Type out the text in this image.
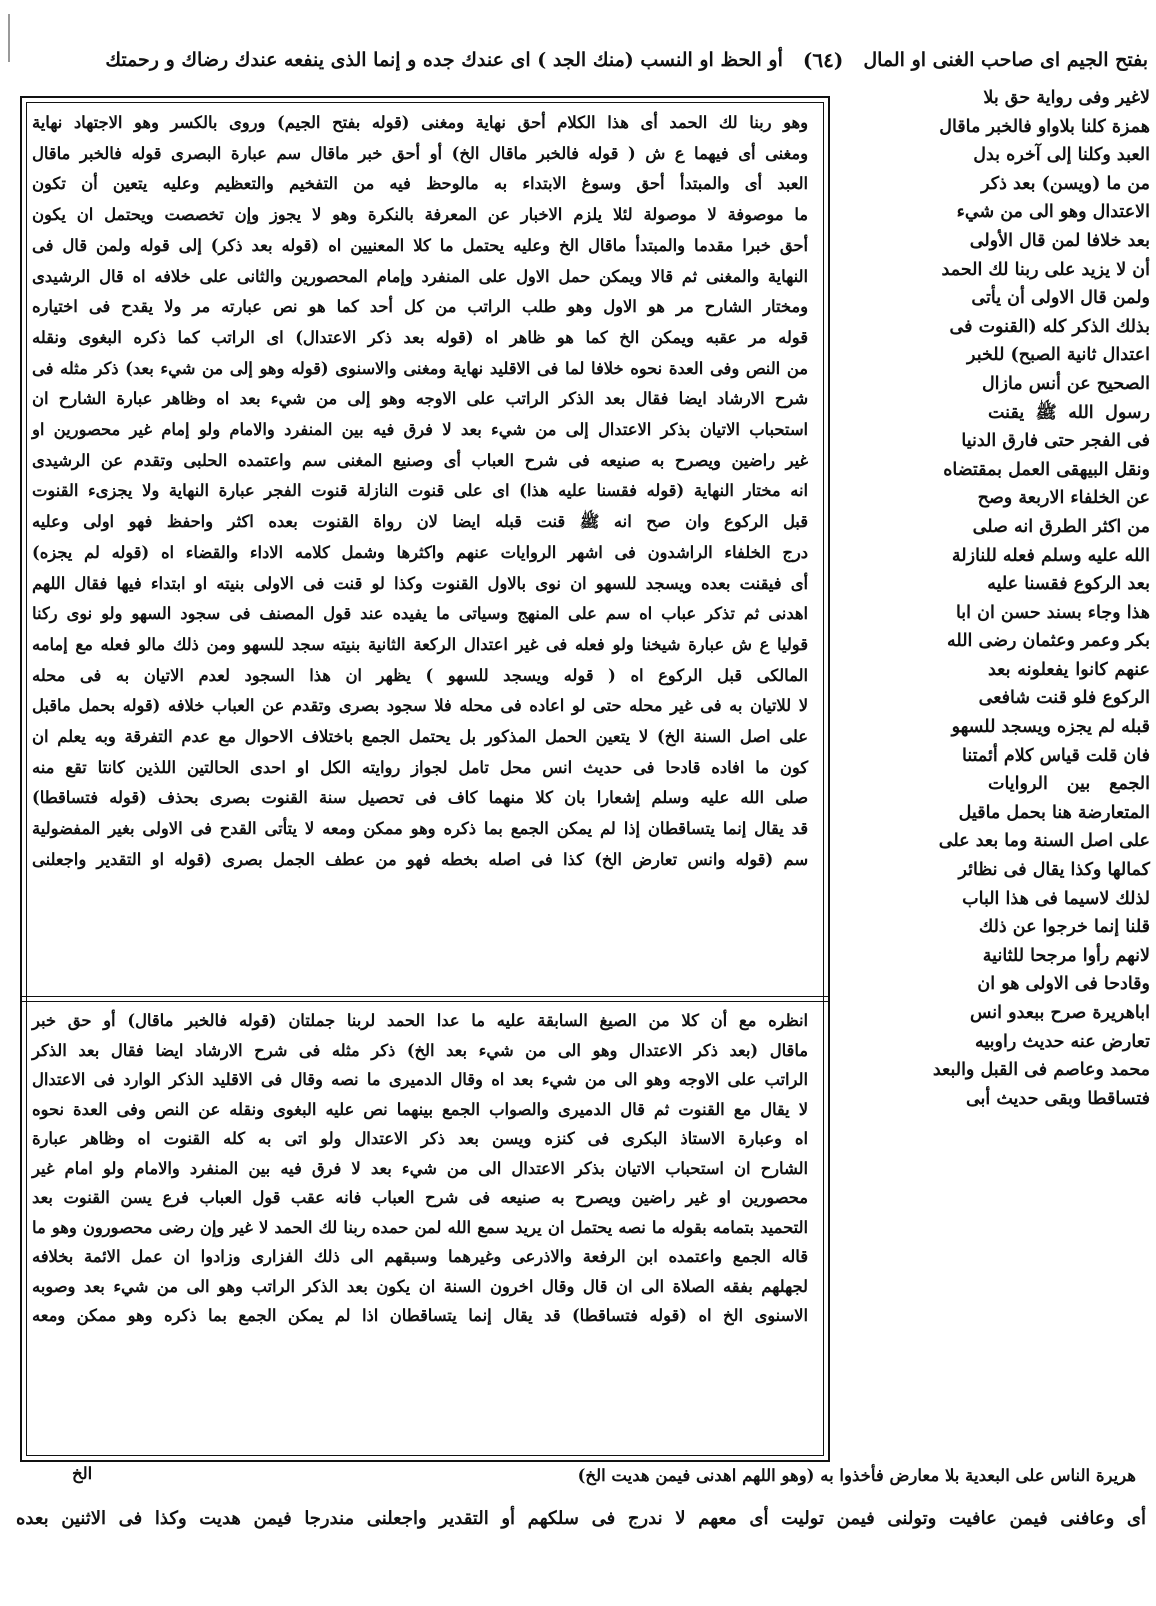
بفتح الجيم اى صاحب الغنى او المال
(٦٤)
أو الحظ او النسب (منك الجد ) اى عندك جده و إنما الذى ينفعه عندك رضاك و رحمتك

لاغير وفى رواية حق بلا

همزة كلنا بلاواو فالخبر ماقال

العبد وكلنا إلى آخره بدل

من ما (ويسن) بعد ذكر

الاعتدال وهو الى من شيء

بعد خلافا لمن قال الأولى

أن لا يزيد على ربنا لك الحمد

ولمن قال الاولى أن يأتى

بذلك الذكر كله (القنوت فى

اعتدال ثانية الصبح) للخبر

الصحيح عن أنس مازال

رسول الله ﷺ يقنت

فى الفجر حتى فارق الدنيا

ونقل البيهقى العمل بمقتضاه

عن الخلفاء الاربعة وصح

من اكثر الطرق انه صلى

الله عليه وسلم فعله للنازلة

بعد الركوع فقسنا عليه

هذا وجاء بسند حسن ان ابا

بكر وعمر وعثمان رضى الله

عنهم كانوا يفعلونه بعد

الركوع فلو قنت شافعى

قبله لم يجزه ويسجد للسهو

فان قلت قياس كلام أئمتنا

الجمع بين الروايات

المتعارضة هنا بحمل ماقيل

على اصل السنة وما بعد على

كمالها وكذا يقال فى نظائر

لذلك لاسيما فى هذا الباب

قلنا إنما خرجوا عن ذلك

لانهم رأوا مرجحا للثانية

وقادحا فى الاولى هو ان

اباهريرة صرح ببعدو انس

تعارض عنه حديث راوبيه

محمد وعاصم فى القبل والبعد

فتساقطا وبقى حديث أبى

وهو ربنا لك الحمد أى هذا الكلام أحق نهاية ومغنى (قوله بفتح الجيم) وروى بالكسر وهو الاجتهاد نهاية

ومغنى أى فيهما ع ش ( قوله فالخبر ماقال الخ) أو أحق خبر ماقال سم عبارة البصرى قوله فالخبر ماقال

العبد أى والمبتدأ أحق وسوغ الابتداء به مالوحظ فيه من التفخيم والتعظيم وعليه يتعين أن تكون

ما موصوفة لا موصولة لئلا يلزم الاخبار عن المعرفة بالنكرة وهو لا يجوز وإن تخصصت ويحتمل ان يكون

أحق خبرا مقدما والمبتدأ ماقال الخ وعليه يحتمل ما كلا المعنيين اه (قوله بعد ذكر) إلى قوله ولمن قال فى

النهاية والمغنى ثم قالا ويمكن حمل الاول على المنفرد وإمام المحصورين والثانى على خلافه اه قال الرشيدى

ومختار الشارح مر هو الاول وهو طلب الراتب من كل أحد كما هو نص عبارته مر ولا يقدح فى اختياره

قوله مر عقبه ويمكن الخ كما هو ظاهر اه (قوله بعد ذكر الاعتدال) اى الراتب كما ذكره البغوى ونقله

من النص وفى العدة نحوه خلافا لما فى الاقليد نهاية ومغنى والاسنوى (قوله وهو إلى من شيء بعد) ذكر مثله فى

شرح الارشاد ايضا فقال بعد الذكر الراتب على الاوجه وهو إلى من شيء بعد اه وظاهر عبارة الشارح ان

استحباب الاتيان بذكر الاعتدال إلى من شيء بعد لا فرق فيه بين المنفرد والامام ولو إمام غير محصورين او

غير راضين ويصرح به صنيعه فى شرح العباب أى وصنيع المغنى سم واعتمده الحلبى وتقدم عن الرشيدى

انه مختار النهاية (قوله فقسنا عليه هذا) اى على قنوت النازلة قنوت الفجر عبارة النهاية ولا يجزىء القنوت

قبل الركوع وان صح انه ﷺ قنت قبله ايضا لان رواة القنوت بعده اكثر واحفظ فهو اولى وعليه

درج الخلفاء الراشدون فى اشهر الروايات عنهم واكثرها وشمل كلامه الاداء والقضاء اه (قوله لم يجزه)

أى فيقنت بعده ويسجد للسهو ان نوى بالاول القنوت وكذا لو قنت فى الاولى بنيته او ابتداء فيها فقال اللهم

اهدنى ثم تذكر عباب اه سم على المنهج وسياتى ما يفيده عند قول المصنف فى سجود السهو ولو نوى ركنا

قوليا ع ش عبارة شيخنا ولو فعله فى غير اعتدال الركعة الثانية بنيته سجد للسهو ومن ذلك مالو فعله مع إمامه

المالكى قبل الركوع اه ( قوله ويسجد للسهو ) يظهر ان هذا السجود لعدم الاتيان به فى محله

لا للاتيان به فى غير محله حتى لو اعاده فى محله فلا سجود بصرى وتقدم عن العباب خلافه (قوله بحمل ماقبل

على اصل السنة الخ) لا يتعين الحمل المذكور بل يحتمل الجمع باختلاف الاحوال مع عدم التفرقة وبه يعلم ان

كون ما افاده قادحا فى حديث انس محل تامل لجواز روايته الكل او احدى الحالتين اللذين كانتا تقع منه

صلى الله عليه وسلم إشعارا بان كلا منهما كاف فى تحصيل سنة القنوت بصرى بحذف (قوله فتساقطا)

قد يقال إنما يتساقطان إذا لم يمكن الجمع بما ذكره وهو ممكن ومعه لا يتأتى القدح فى الاولى بغير المفضولية

سم (قوله وانس تعارض الخ) كذا فى اصله بخطه فهو من عطف الجمل بصرى (قوله او التقدير واجعلنى

انظره مع أن كلا من الصيغ السابقة عليه ما عدا الحمد لربنا جملتان (قوله فالخبر ماقال) أو حق خبر

ماقال (بعد ذكر الاعتدال وهو الى من شيء بعد الخ) ذكر مثله فى شرح الارشاد ايضا فقال بعد الذكر

الراتب على الاوجه وهو الى من شيء بعد اه وقال الدميرى ما نصه وقال فى الاقليد الذكر الوارد فى الاعتدال

لا يقال مع القنوت ثم قال الدميرى والصواب الجمع بينهما نص عليه البغوى ونقله عن النص وفى العدة نحوه

اه وعبارة الاستاذ البكرى فى كنزه ويسن بعد ذكر الاعتدال ولو اتى به كله القنوت اه وظاهر عبارة

الشارح ان استحباب الاتيان بذكر الاعتدال الى من شيء بعد لا فرق فيه بين المنفرد والامام ولو امام غير

محصورين او غير راضين ويصرح به صنيعه فى شرح العباب فانه عقب قول العباب فرع يسن القنوت بعد

التحميد بتمامه بقوله ما نصه يحتمل ان يريد سمع الله لمن حمده ربنا لك الحمد لا غير وإن رضى محصورون وهو ما

قاله الجمع واعتمده ابن الرفعة والاذرعى وغيرهما وسبقهم الى ذلك الفزارى وزادوا ان عمل الائمة بخلافه

لجهلهم بفقه الصلاة الى ان قال وقال اخرون السنة ان يكون بعد الذكر الراتب وهو الى من شيء بعد وصوبه

الاسنوى الخ اه (قوله فتساقطا) قد يقال إنما يتساقطان اذا لم يمكن الجمع بما ذكره وهو ممكن ومعه

هريرة الناس على البعدية بلا معارض فأخذوا به (وهو اللهم اهدنى فيمن هديت الخ)
الخ
أى وعافنى فيمن عافيت وتولنى فيمن توليت أى معهم لا ندرج فى سلكهم أو التقدير واجعلنى مندرجا فيمن هديت وكذا فى الاثنين بعده
